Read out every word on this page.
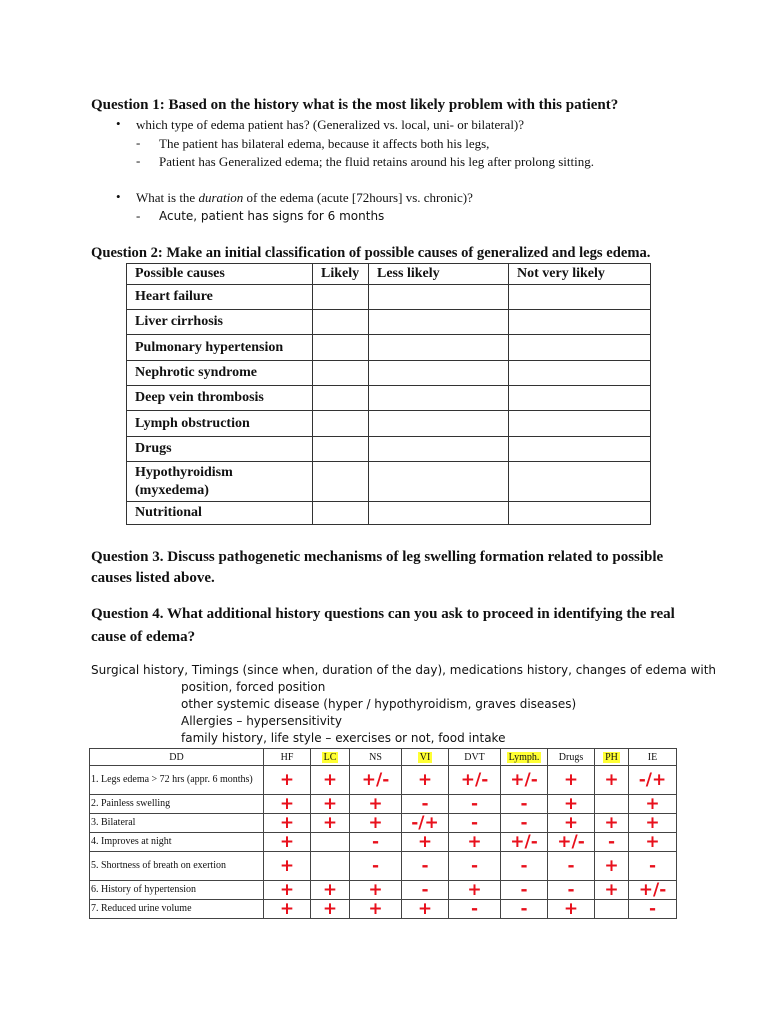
Question 1: Based on the history what is the most likely problem with this patient?
• which type of edema patient has? (Generalized vs. local, uni- or bilateral)?
- The patient has bilateral edema, because it affects both his legs,
- Patient has Generalized edema; the fluid retains around his leg after prolong sitting.
• What is the duration of the edema (acute [72hours] vs. chronic)?
- Acute, patient has signs for 6 months
Question 2: Make an initial classification of possible causes of generalized and legs edema.
Possible causes	Likely	Less likely	Not very likely
Heart failure			
Liver cirrhosis			
Pulmonary hypertension			
Nephrotic syndrome			
Deep vein thrombosis			
Lymph obstruction			
Drugs			
Hypothyroidism (myxedema)			
Nutritional			
Question 3. Discuss pathogenetic mechanisms of leg swelling formation related to possible
causes listed above.
Question 4. What additional history questions can you ask to proceed in identifying the real
cause of edema?
Surgical history, Timings (since when, duration of the day), medications history, changes of edema with
position, forced position
other systemic disease (hyper / hypothyroidism, graves diseases)
Allergies – hypersensitivity
family history, life style – exercises or not, food intake
DD	HF	LC	NS	VI	DVT	Lymph.	Drugs	PH	IE
1. Legs edema > 72 hrs (appr. 6 months)	+	+	+/-	+	+/-	+/-	+	+	-/+
2. Painless swelling	+	+	+	-	-	-	+		+
3. Bilateral	+	+	+	-/+	-	-	+	+	+
4. Improves at night	+		-	+	+	+/-	+/-	-	+
5. Shortness of breath on exertion	+		-	-	-	-	-	+	-
6. History of hypertension	+	+	+	-	+	-	-	+	+/-
7. Reduced urine volume	+	+	+	+	-	-	+		-
